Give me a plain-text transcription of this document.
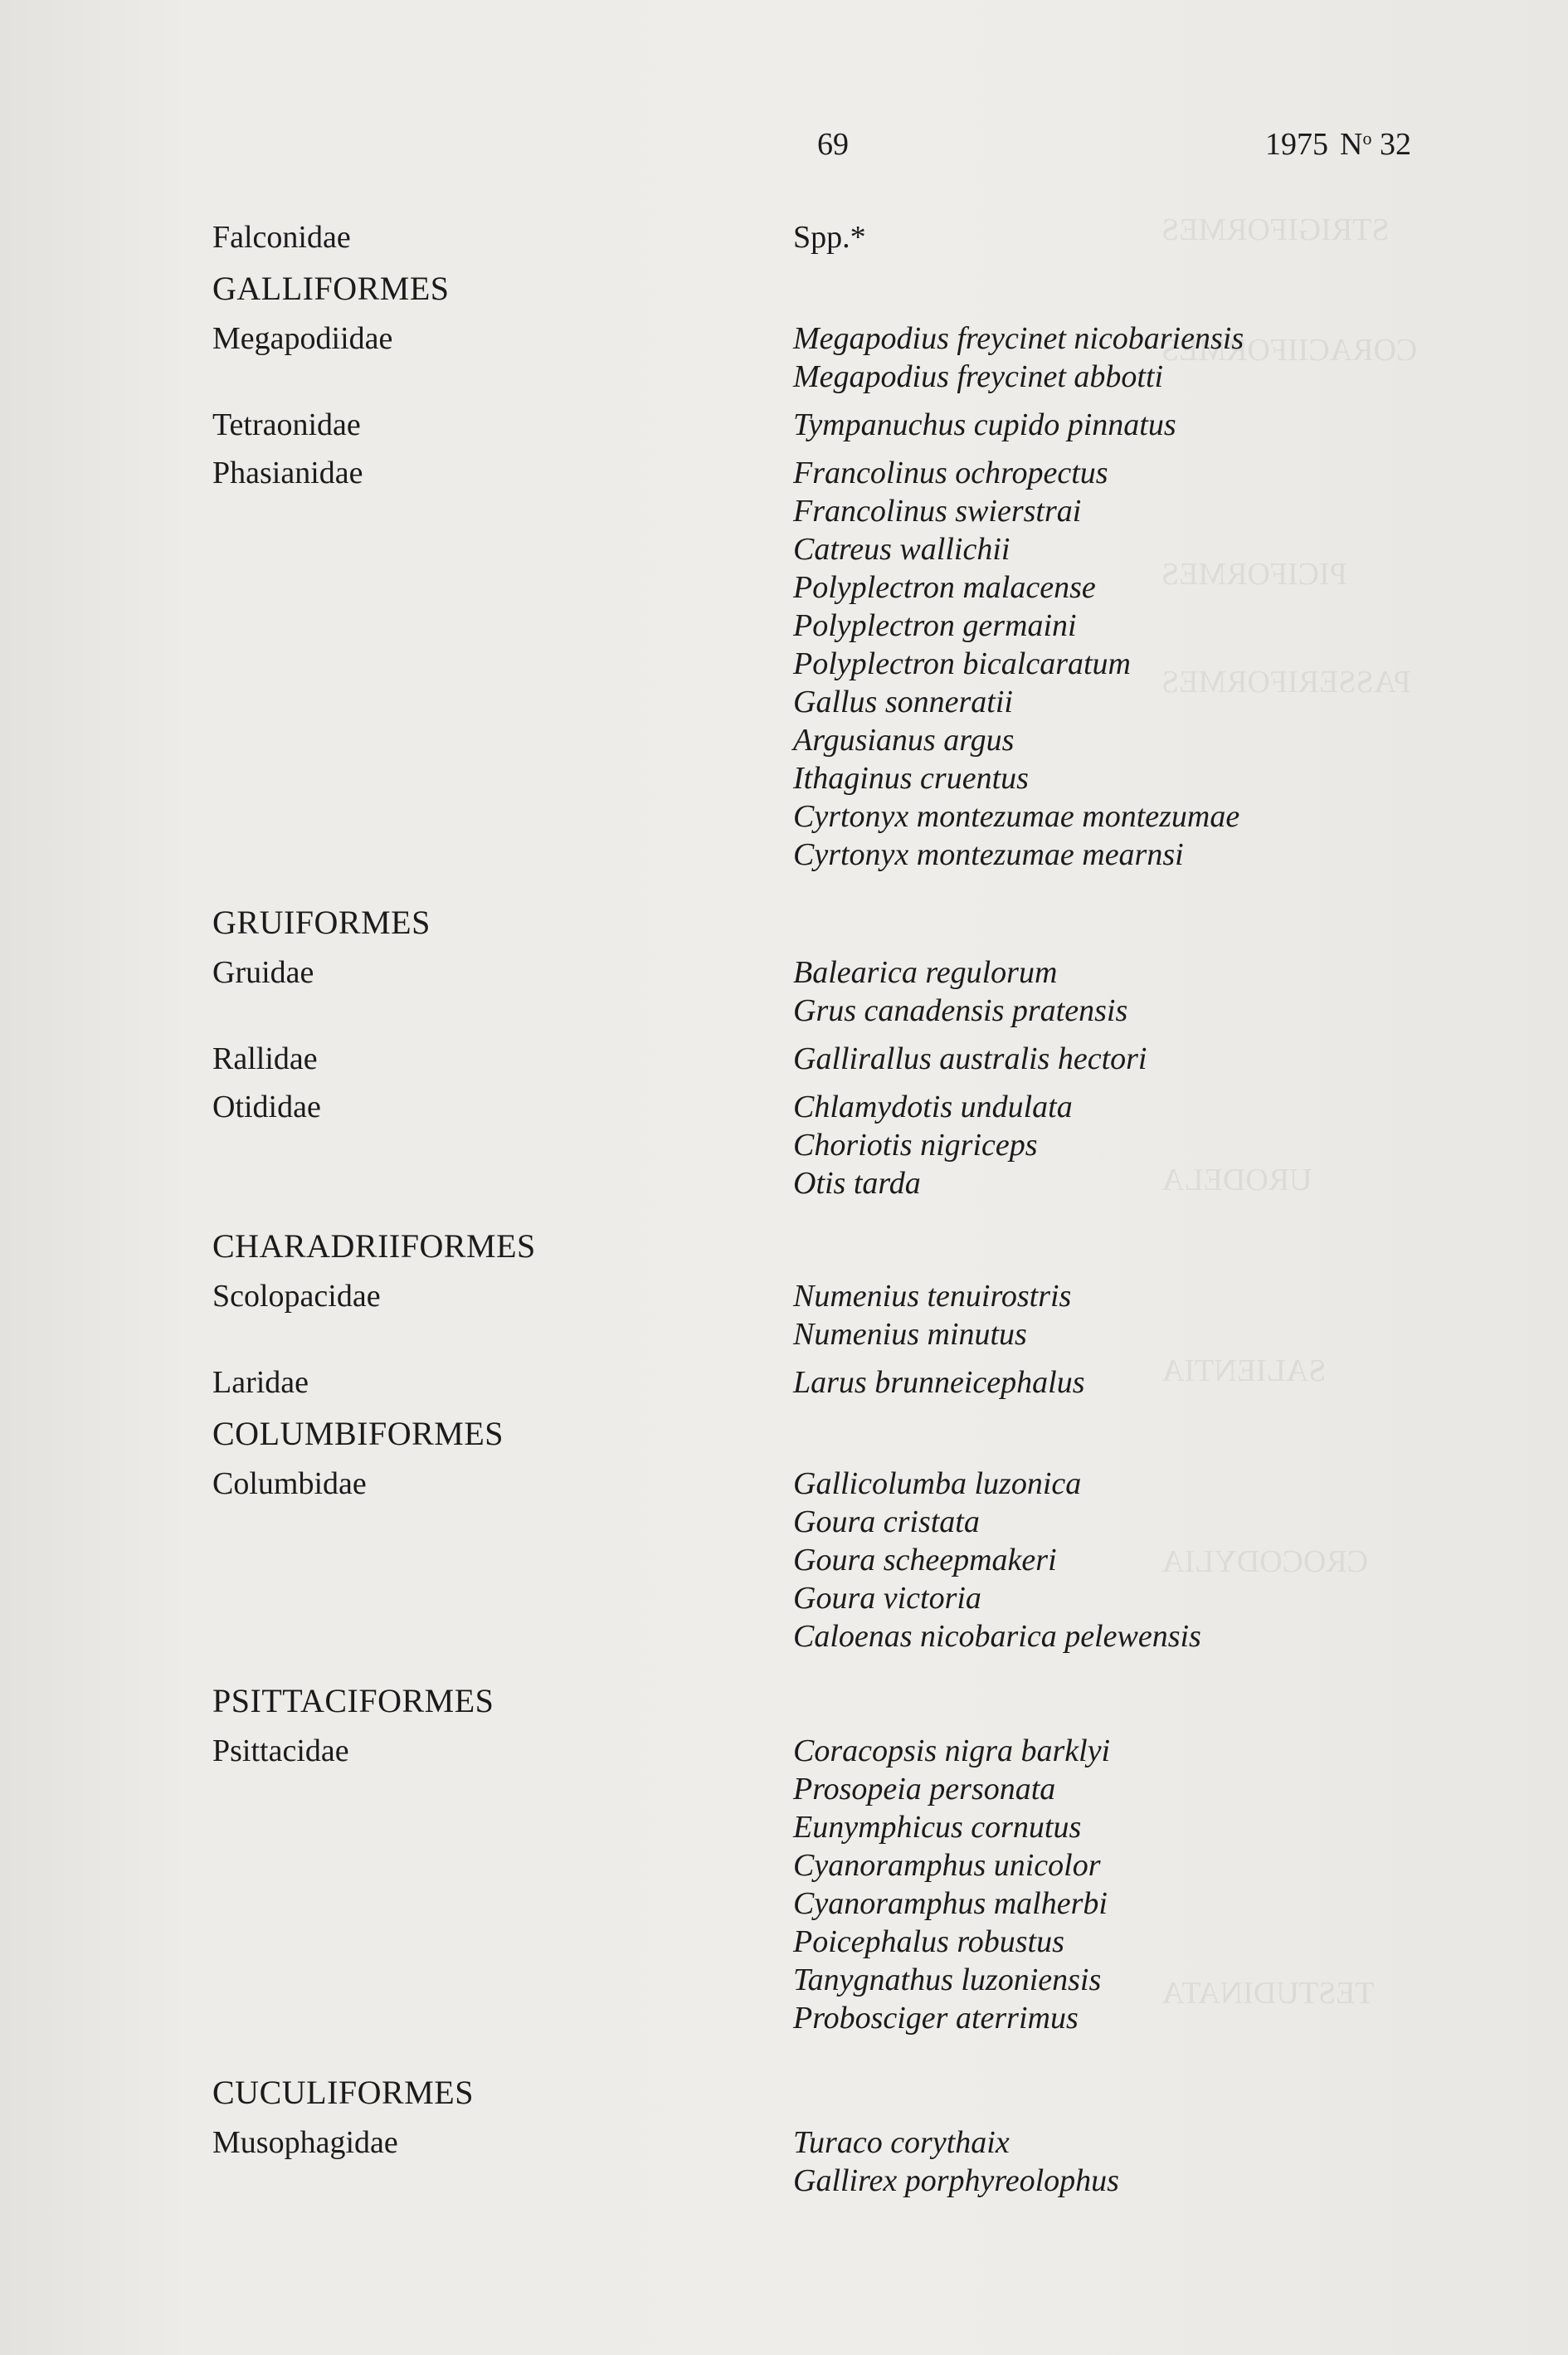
STRIGIFORMES
CORACIIFORMES
PICIFORMES
PASSERIFORMES
URODELA
SALIENTIA
CROCODYLIA
TESTUDINATA
69	1975 $N^o$ 32
Falconidae	Spp.*
GALLIFORMES
Megapodiidae	Megapodius freycinet nicobariensis
Megapodius freycinet abbotti
Tetraonidae	Tympanuchus cupido pinnatus
Phasianidae	Francolinus ochropectus
Francolinus swierstrai
Catreus wallichii
Polyplectron malacense
Polyplectron germaini
Polyplectron bicalcaratum
Gallus sonneratii
Argusianus argus
Ithaginus cruentus
Cyrtonyx montezumae montezumae
Cyrtonyx montezumae mearnsi
GRUIFORMES
Gruidae	Balearica regulorum
Grus canadensis pratensis
Rallidae	Gallirallus australis hectori
Otididae	Chlamydotis undulata
Choriotis nigriceps
Otis tarda
CHARADRIIFORMES
Scolopacidae	Numenius tenuirostris
Numenius minutus
Laridae	Larus brunneicephalus
COLUMBIFORMES
Columbidae	Gallicolumba luzonica
Goura cristata
Goura scheepmakeri
Goura victoria
Caloenas nicobarica pelewensis
PSITTACIFORMES
Psittacidae	Coracopsis nigra barklyi
Prosopeia personata
Eunymphicus cornutus
Cyanoramphus unicolor
Cyanoramphus malherbi
Poicephalus robustus
Tanygnathus luzoniensis
Probosciger aterrimus
CUCULIFORMES
Musophagidae	Turaco corythaix
Gallirex porphyreolophus
